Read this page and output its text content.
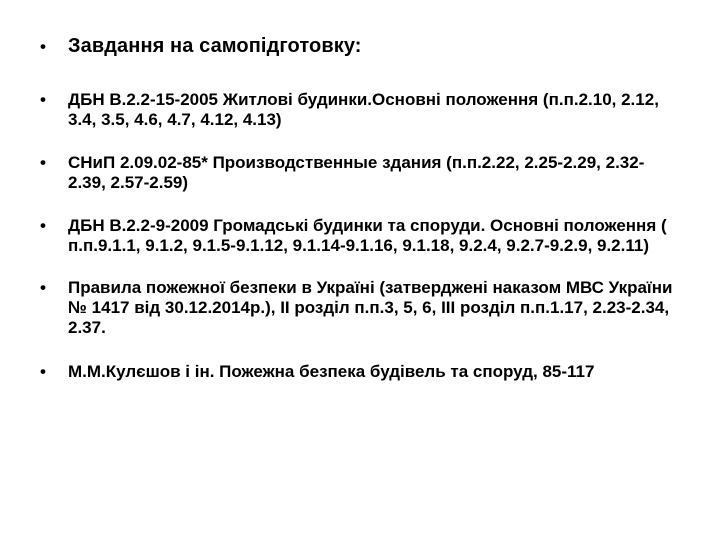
•	Завдання на самопідготовку:
•	ДБН В.2.2-15-2005 Житлові будинки.Основні положення (п.п.2.10, 2.12, 3.4, 3.5, 4.6, 4.7, 4.12, 4.13)
•	СНиП 2.09.02-85* Производственные здания (п.п.2.22, 2.25-2.29, 2.32-2.39, 2.57-2.59)
•	ДБН В.2.2-9-2009 Громадські будинки та споруди. Основні положення ( п.п.9.1.1, 9.1.2, 9.1.5-9.1.12, 9.1.14-9.1.16, 9.1.18, 9.2.4, 9.2.7-9.2.9, 9.2.11)
•	Правила пожежної безпеки в Україні (затверджені наказом МВС України № 1417 від 30.12.2014р.), II розділ п.п.3, 5, 6, III розділ п.п.1.17, 2.23-2.34, 2.37.
•	М.М.Кулєшов і ін. Пожежна безпека будівель та споруд, 85-117
